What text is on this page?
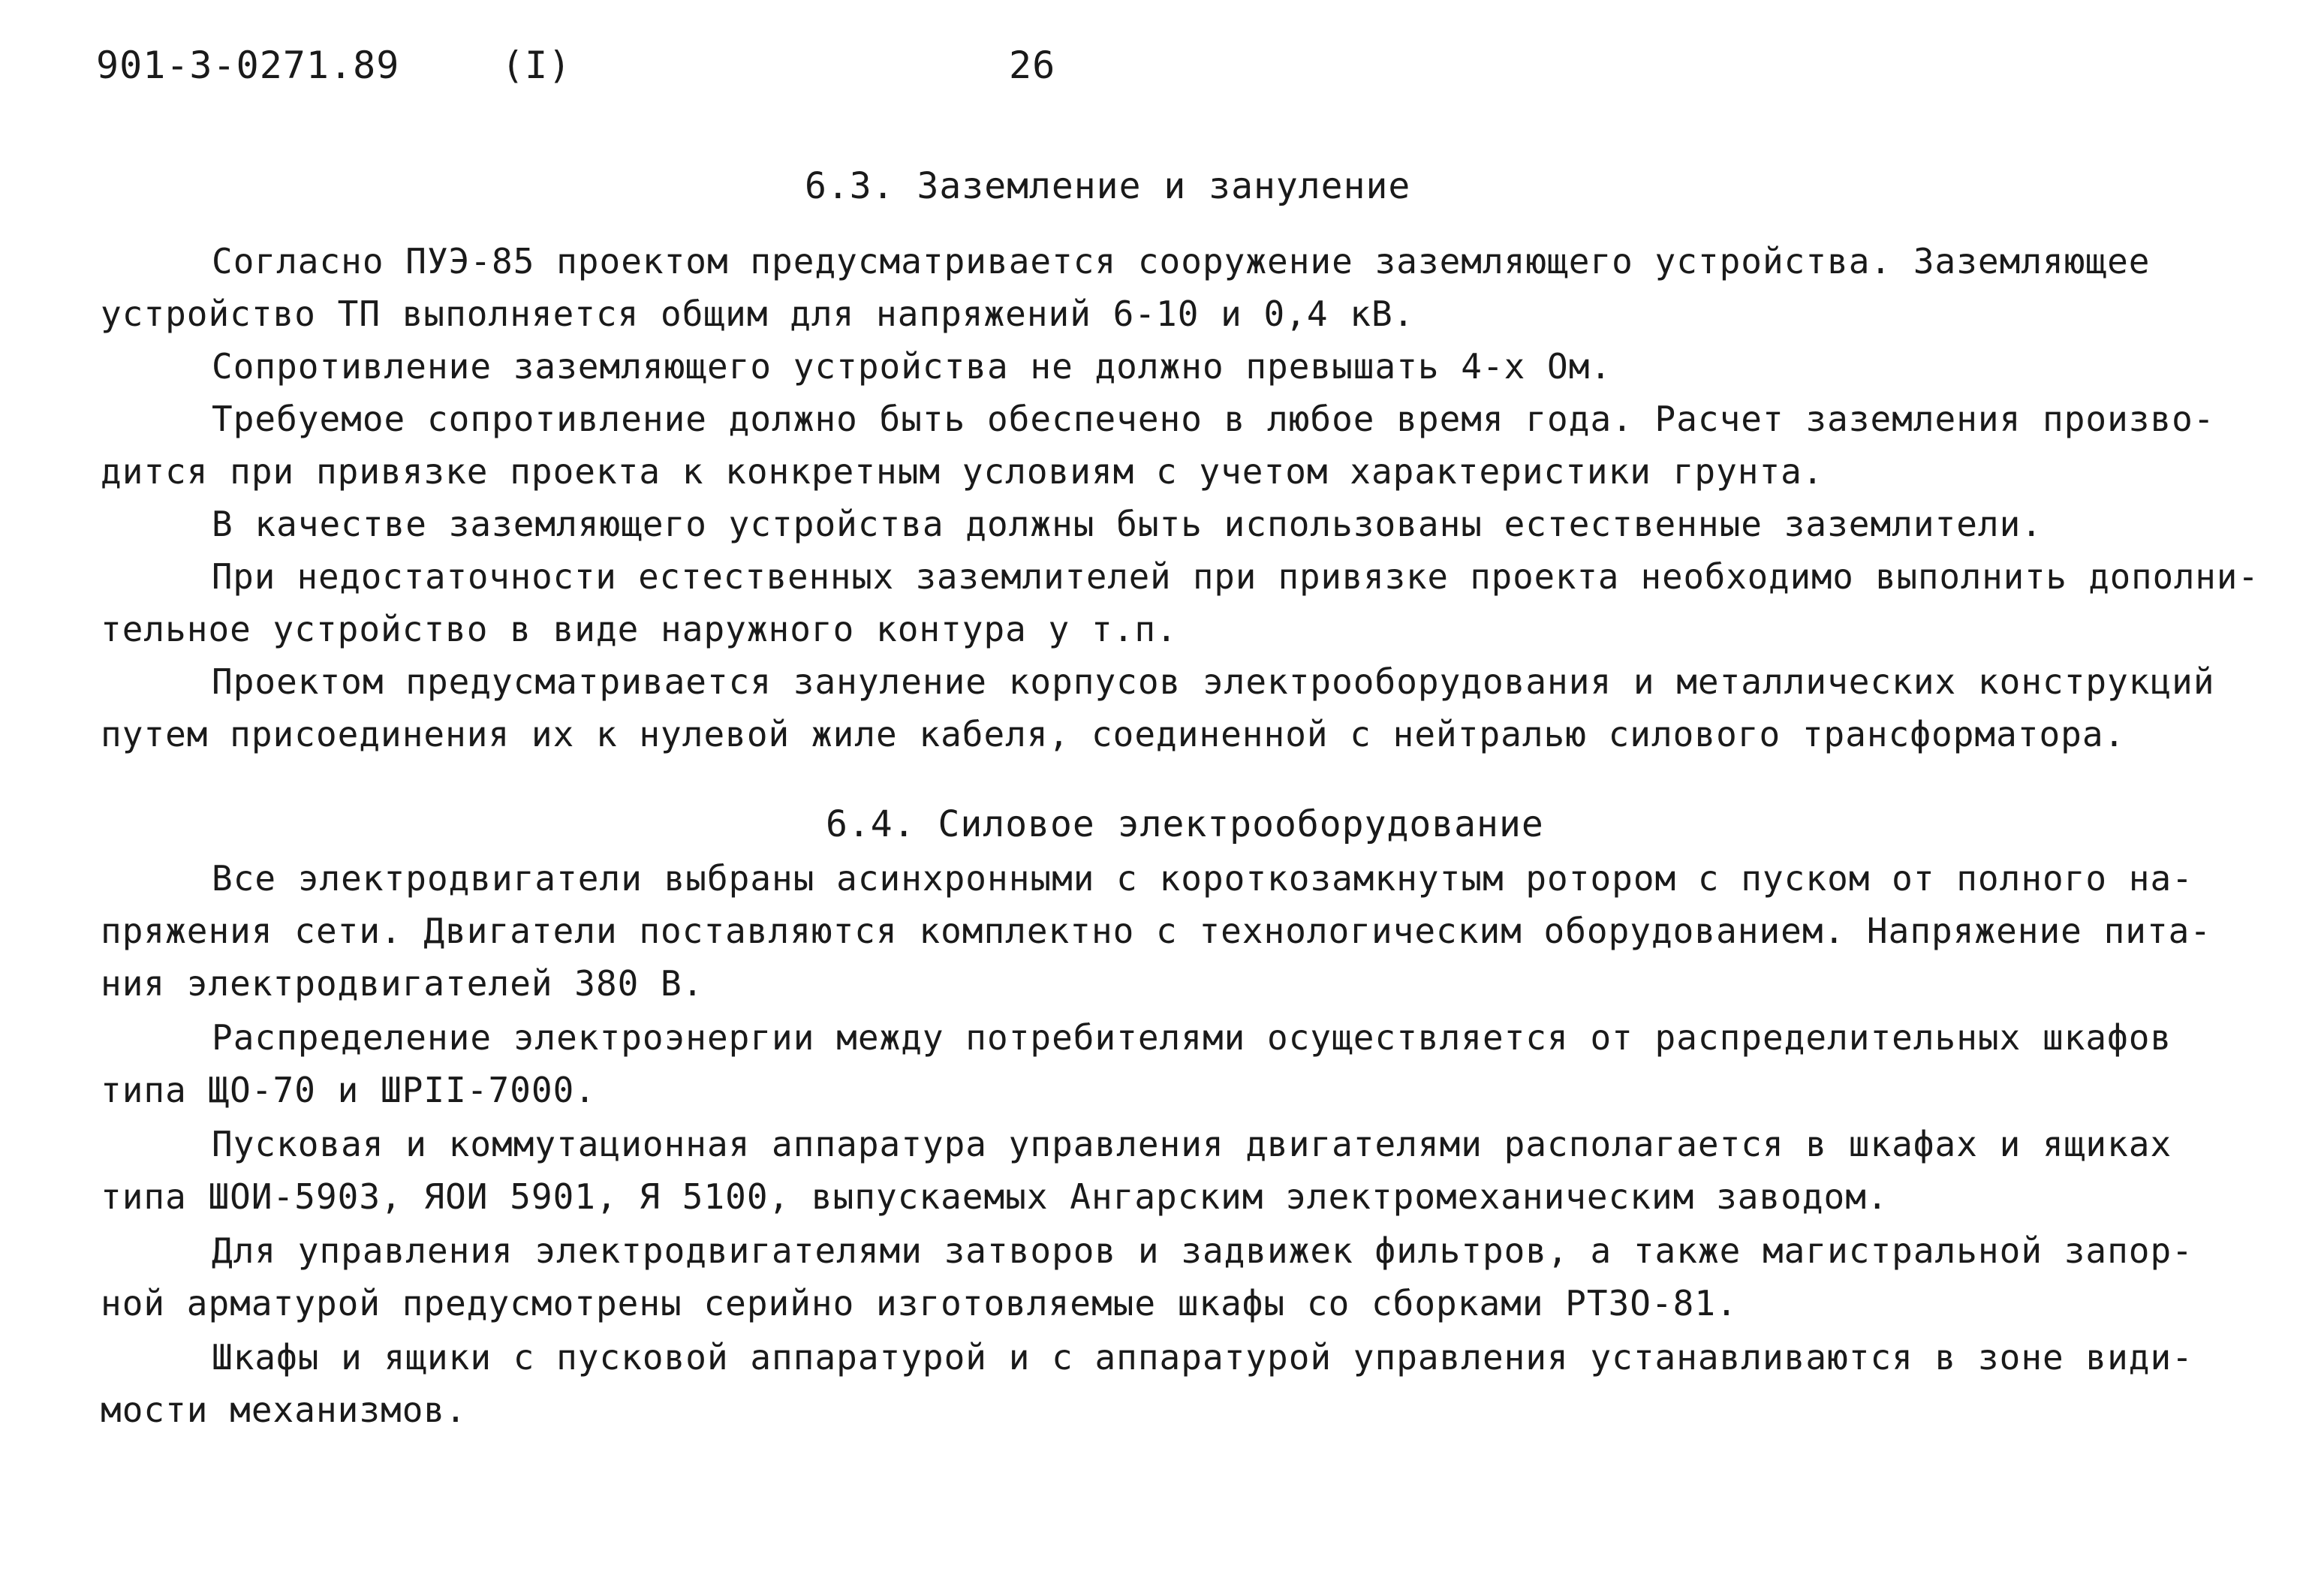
901-3-0271.89	(I)	26
6.3. Заземление и зануление
Согласно ПУЭ-85 проектом предусматривается сооружение заземляющего устройства. Заземляющее
устройство ТП выполняется общим для напряжений 6-10 и 0,4 кВ.
Сопротивление заземляющего устройства не должно превышать 4-х Ом.
Требуемое сопротивление должно быть обеспечено в любое время года. Расчет заземления произво-
дится при привязке проекта к конкретным условиям с учетом характеристики грунта.
В качестве заземляющего устройства должны быть использованы естественные заземлители.
При недостаточности естественных заземлителей при привязке проекта необходимо выполнить дополни-
тельное устройство в виде наружного контура у т.п.
Проектом предусматривается зануление корпусов электрооборудования и металлических конструкций
путем присоединения их к нулевой жиле кабеля, соединенной с нейтралью силового трансформатора.
6.4. Силовое электрооборудование
Все электродвигатели выбраны асинхронными с короткозамкнутым ротором с пуском от полного на-
пряжения сети. Двигатели поставляются комплектно с технологическим оборудованием. Напряжение пита-
ния электродвигателей 380 В.
Распределение электроэнергии между потребителями осуществляется от распределительных шкафов
типа ЩО-70 и ШРII-7000.
Пусковая и коммутационная аппаратура управления двигателями располагается в шкафах и ящиках
типа ШОИ-5903, ЯОИ 5901, Я 5100, выпускаемых Ангарским электромеханическим заводом.
Для управления электродвигателями затворов и задвижек фильтров, а также магистральной запор-
ной арматурой предусмотрены серийно изготовляемые шкафы со сборками РТЗО-81.
Шкафы и ящики с пусковой аппаратурой и с аппаратурой управления устанавливаются в зоне види-
мости механизмов.
